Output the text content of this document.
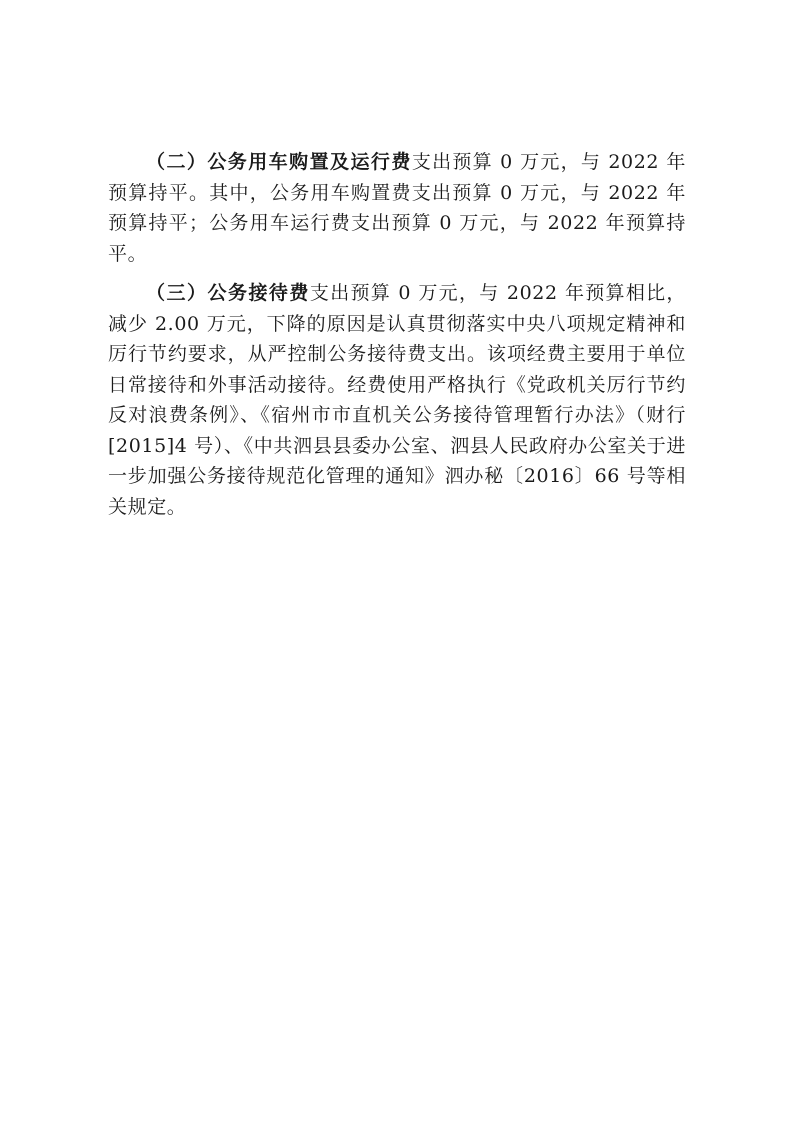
（二）公务用车购置及运行费支出预算 0 万元，与 2022 年预算持平。其中，公务用车购置费支出预算 0 万元，与 2022 年预算持平；公务用车运行费支出预算 0 万元，与 2022 年预算持平。

（三）公务接待费支出预算 0 万元，与 2022 年预算相比，减少 2.00 万元，下降的原因是认真贯彻落实中央八项规定精神和厉行节约要求，从严控制公务接待费支出。该项经费主要用于单位日常接待和外事活动接待。经费使用严格执行《党政机关厉行节约反对浪费条例》、《宿州市市直机关公务接待管理暂行办法》（财行[2015]4 号）、《中共泗县县委办公室、泗县人民政府办公室关于进一步加强公务接待规范化管理的通知》泗办秘〔2016〕66 号等相关规定。
